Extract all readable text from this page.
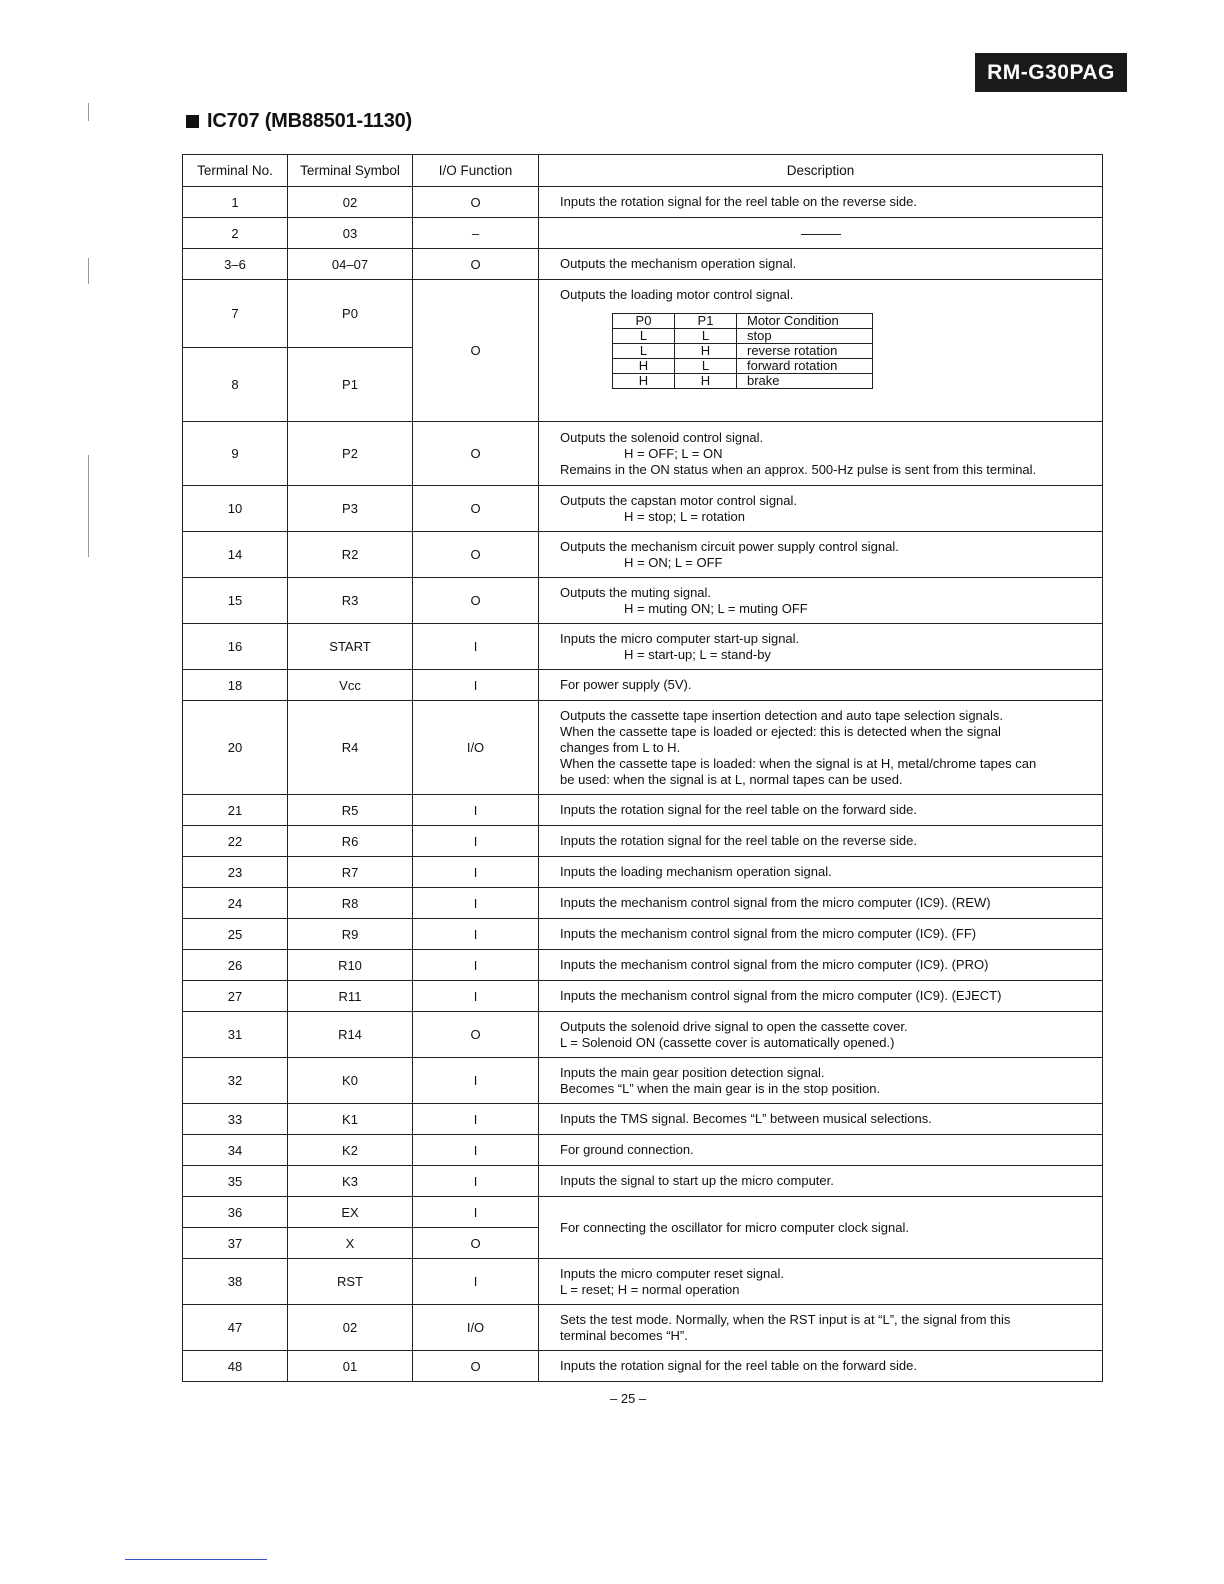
RM-G30PAG
IC707 (MB88501-1130)
Terminal No.	Terminal Symbol	I/O Function	Description
1	02	O	Inputs the rotation signal for the reel table on the reverse side.

2	03	–	
3–6	04–07	O	Outputs the mechanism operation signal.

7	P0	O	
Outputs the loading motor control signal.
P0	P1	Motor Condition
L	L	stop
L	H	reverse rotation
H	L	forward rotation
H	H	brake

8	P1
9	P2	O	
Outputs the solenoid control signal.
H = OFF; L = ON
Remains in the ON status when an approx. 500-Hz pulse is sent from this terminal.

10	P3	O	
Outputs the capstan motor control signal.
H = stop; L = rotation

14	R2	O	
Outputs the mechanism circuit power supply control signal.
H = ON; L = OFF

15	R3	O	
Outputs the muting signal.
H = muting ON; L = muting OFF

16	START	I	
Inputs the micro computer start-up signal.
H = start-up; L = stand-by

18	Vcc	I	For power supply (5V).

20	R4	I/O	
Outputs the cassette tape insertion detection and auto tape selection signals.
When the cassette tape is loaded or ejected: this is detected when the signal
changes from L to H.
When the cassette tape is loaded: when the signal is at H, metal/chrome tapes can
be used: when the signal is at L, normal tapes can be used.

21	R5	I	Inputs the rotation signal for the reel table on the forward side.

22	R6	I	Inputs the rotation signal for the reel table on the reverse side.

23	R7	I	Inputs the loading mechanism operation signal.

24	R8	I	Inputs the mechanism control signal from the micro computer (IC9). (REW)

25	R9	I	Inputs the mechanism control signal from the micro computer (IC9). (FF)

26	R10	I	Inputs the mechanism control signal from the micro computer (IC9). (PRO)

27	R11	I	Inputs the mechanism control signal from the micro computer (IC9). (EJECT)

31	R14	O	
Outputs the solenoid drive signal to open the cassette cover.
L = Solenoid ON (cassette cover is automatically opened.)

32	K0	I	
Inputs the main gear position detection signal.
Becomes “L” when the main gear is in the stop position.

33	K1	I	Inputs the TMS signal. Becomes “L” between musical selections.

34	K2	I	For ground connection.

35	K3	I	Inputs the signal to start up the micro computer.

36	EX	I	
For connecting the oscillator for micro computer clock signal.

37	X	O
38	RST	I	
Inputs the micro computer reset signal.
L = reset; H = normal operation

47	02	I/O	
Sets the test mode. Normally, when the RST input is at “L”, the signal from this
terminal becomes “H”.

48	01	O	Inputs the rotation signal for the reel table on the forward side.
– 25 –
